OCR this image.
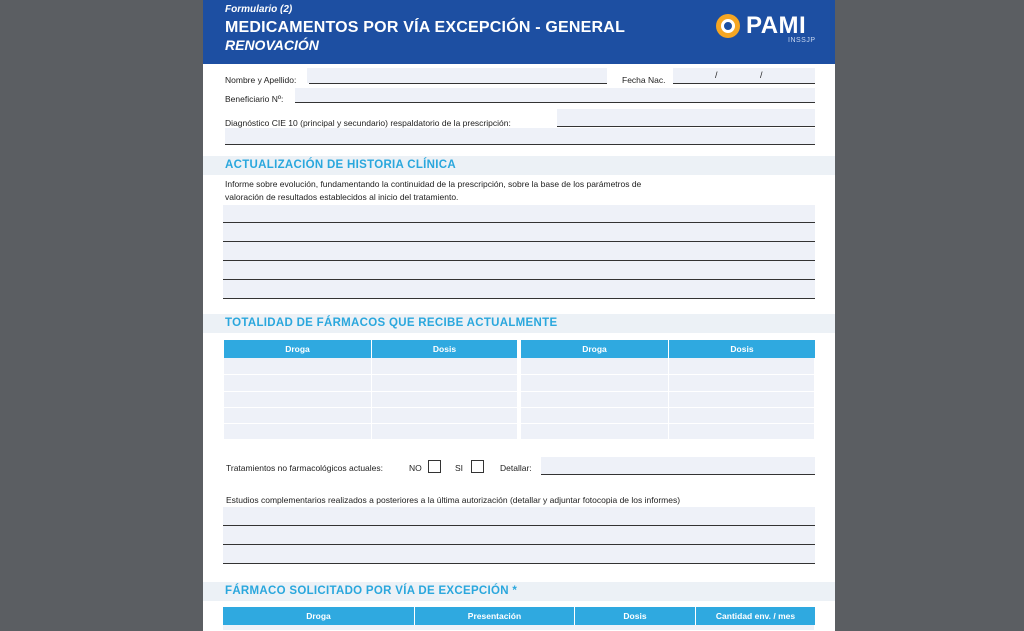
Formulario (2)
MEDICAMENTOS POR VÍA EXCEPCIÓN - GENERAL
RENOVACIÓN
PAMI
INSSJP
Nombre y Apellido:	Fecha Nac.	/	/
Beneficiario Nº:
Diagnóstico CIE 10 (principal y secundario) respaldatorio de la prescripción:
ACTUALIZACIÓN DE HISTORIA CLÍNICA
Informe sobre evolución, fundamentando la continuidad de la prescripción, sobre la base de los parámetros de
valoración de resultados establecidos al inicio del tratamiento.
TOTALIDAD DE FÁRMACOS QUE RECIBE ACTUALMENTE
Droga	Dosis	Droga	Dosis
Tratamientos no farmacológicos actuales:	NO	SI	Detallar:
Estudios complementarios realizados a posteriores a la última autorización (detallar y adjuntar fotocopia de los informes)
FÁRMACO SOLICITADO POR VÍA DE EXCEPCIÓN *
Droga	Presentación	Dosis	Cantidad env. / mes
